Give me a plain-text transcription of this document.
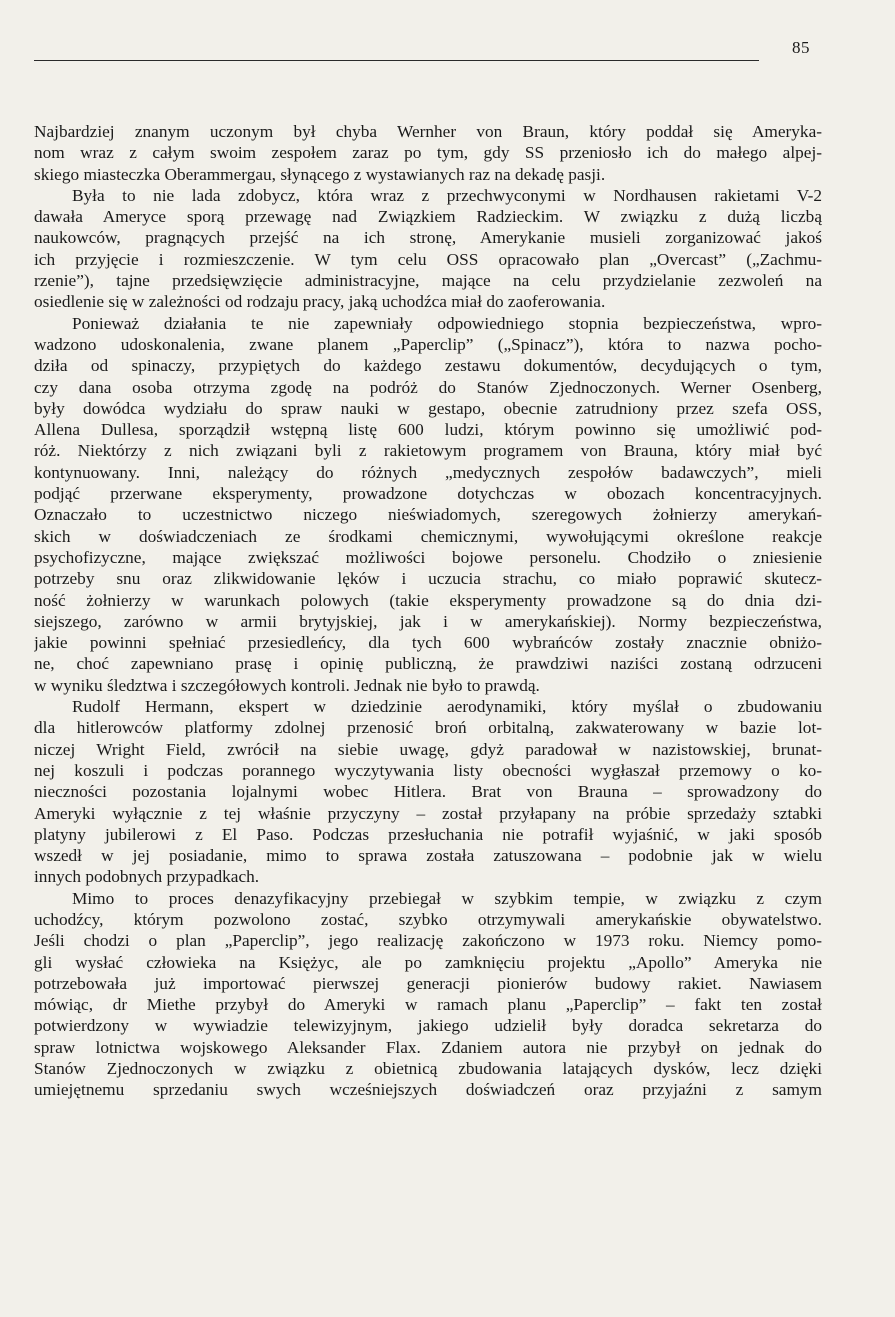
85
Najbardziej znanym uczonym był chyba Wernher von Braun, który poddał się Ameryka-
nom wraz z całym swoim zespołem zaraz po tym, gdy SS przeniosło ich do małego alpej-
skiego miasteczka Oberammergau, słynącego z wystawianych raz na dekadę pasji.
Była to nie lada zdobycz, która wraz z przechwyconymi w Nordhausen rakietami V-2
dawała Ameryce sporą przewagę nad Związkiem Radzieckim. W związku z dużą liczbą
naukowców, pragnących przejść na ich stronę, Amerykanie musieli zorganizować jakoś
ich przyjęcie i rozmieszczenie. W tym celu OSS opracowało plan „Overcast” („Zachmu-
rzenie”), tajne przedsięwzięcie administracyjne, mające na celu przydzielanie zezwoleń na
osiedlenie się w zależności od rodzaju pracy, jaką uchodźca miał do zaoferowania.
Ponieważ działania te nie zapewniały odpowiedniego stopnia bezpieczeństwa, wpro-
wadzono udoskonalenia, zwane planem „Paperclip” („Spinacz”), która to nazwa pocho-
dziła od spinaczy, przypiętych do każdego zestawu dokumentów, decydujących o tym,
czy dana osoba otrzyma zgodę na podróż do Stanów Zjednoczonych. Werner Osenberg,
były dowódca wydziału do spraw nauki w gestapo, obecnie zatrudniony przez szefa OSS,
Allena Dullesa, sporządził wstępną listę 600 ludzi, którym powinno się umożliwić pod-
róż. Niektórzy z nich związani byli z rakietowym programem von Brauna, który miał być
kontynuowany. Inni, należący do różnych „medycznych zespołów badawczych”, mieli
podjąć przerwane eksperymenty, prowadzone dotychczas w obozach koncentracyjnych.
Oznaczało to uczestnictwo niczego nieświadomych, szeregowych żołnierzy amerykań-
skich w doświadczeniach ze środkami chemicznymi, wywołującymi określone reakcje
psychofizyczne, mające zwiększać możliwości bojowe personelu. Chodziło o zniesienie
potrzeby snu oraz zlikwidowanie lęków i uczucia strachu, co miało poprawić skutecz-
ność żołnierzy w warunkach polowych (takie eksperymenty prowadzone są do dnia dzi-
siejszego, zarówno w armii brytyjskiej, jak i w amerykańskiej). Normy bezpieczeństwa,
jakie powinni spełniać przesiedleńcy, dla tych 600 wybrańców zostały znacznie obniżo-
ne, choć zapewniano prasę i opinię publiczną, że prawdziwi naziści zostaną odrzuceni
w wyniku śledztwa i szczegółowych kontroli. Jednak nie było to prawdą.
Rudolf Hermann, ekspert w dziedzinie aerodynamiki, który myślał o zbudowaniu
dla hitlerowców platformy zdolnej przenosić broń orbitalną, zakwaterowany w bazie lot-
niczej Wright Field, zwrócił na siebie uwagę, gdyż paradował w nazistowskiej, brunat-
nej koszuli i podczas porannego wyczytywania listy obecności wygłaszał przemowy o ko-
nieczności pozostania lojalnymi wobec Hitlera. Brat von Brauna – sprowadzony do
Ameryki wyłącznie z tej właśnie przyczyny – został przyłapany na próbie sprzedaży sztabki
platyny jubilerowi z El Paso. Podczas przesłuchania nie potrafił wyjaśnić, w jaki sposób
wszedł w jej posiadanie, mimo to sprawa została zatuszowana – podobnie jak w wielu
innych podobnych przypadkach.
Mimo to proces denazyfikacyjny przebiegał w szybkim tempie, w związku z czym
uchodźcy, którym pozwolono zostać, szybko otrzymywali amerykańskie obywatelstwo.
Jeśli chodzi o plan „Paperclip”, jego realizację zakończono w 1973 roku. Niemcy pomo-
gli wysłać człowieka na Księżyc, ale po zamknięciu projektu „Apollo” Ameryka nie
potrzebowała już importować pierwszej generacji pionierów budowy rakiet. Nawiasem
mówiąc, dr Miethe przybył do Ameryki w ramach planu „Paperclip” – fakt ten został
potwierdzony w wywiadzie telewizyjnym, jakiego udzielił były doradca sekretarza do
spraw lotnictwa wojskowego Aleksander Flax. Zdaniem autora nie przybył on jednak do
Stanów Zjednoczonych w związku z obietnicą zbudowania latających dysków, lecz dzięki
umiejętnemu sprzedaniu swych wcześniejszych doświadczeń oraz przyjaźni z samym
